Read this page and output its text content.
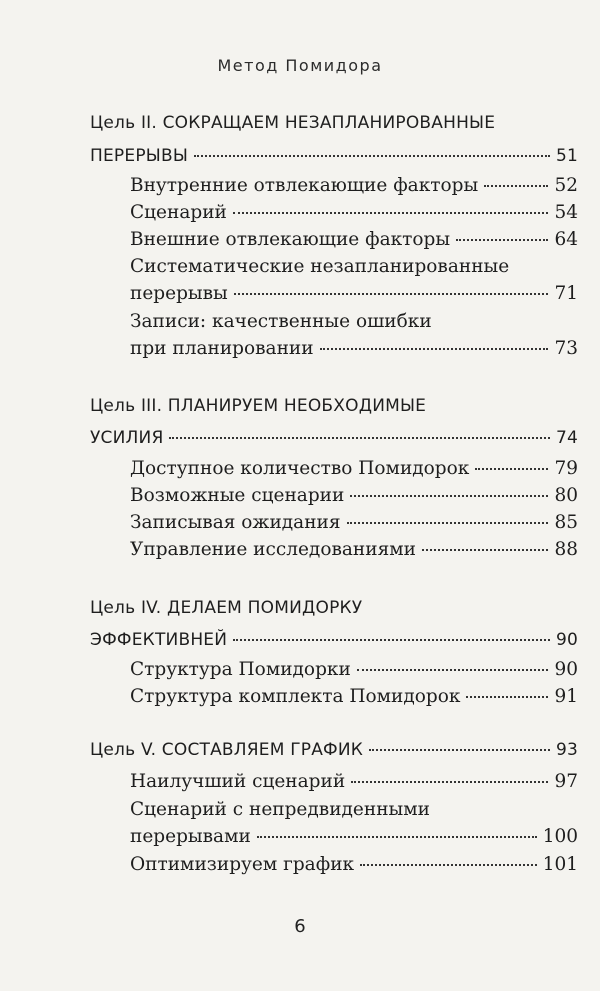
Метод Помидора
Цель II. СОКРАЩАЕМ НЕЗАПЛАНИРОВАННЫЕ
ПЕРЕРЫВЫ	51
Внутренние отвлекающие факторы	52
Сценарий	54
Внешние отвлекающие факторы	64
Систематические незапланированные
перерывы	71
Записи: качественные ошибки
при планировании	73
Цель III. ПЛАНИРУЕМ НЕОБХОДИМЫЕ
УСИЛИЯ	74
Доступное количество Помидорок	79
Возможные сценарии	80
Записывая ожидания	85
Управление исследованиями	88
Цель IV. ДЕЛАЕМ ПОМИДОРКУ
ЭФФЕКТИВНЕЙ	90
Структура Помидорки	90
Структура комплекта Помидорок	91
Цель V. СОСТАВЛЯЕМ ГРАФИК	93
Наилучший сценарий	97
Сценарий с непредвиденными
перерывами	100
Оптимизируем график	101
6
